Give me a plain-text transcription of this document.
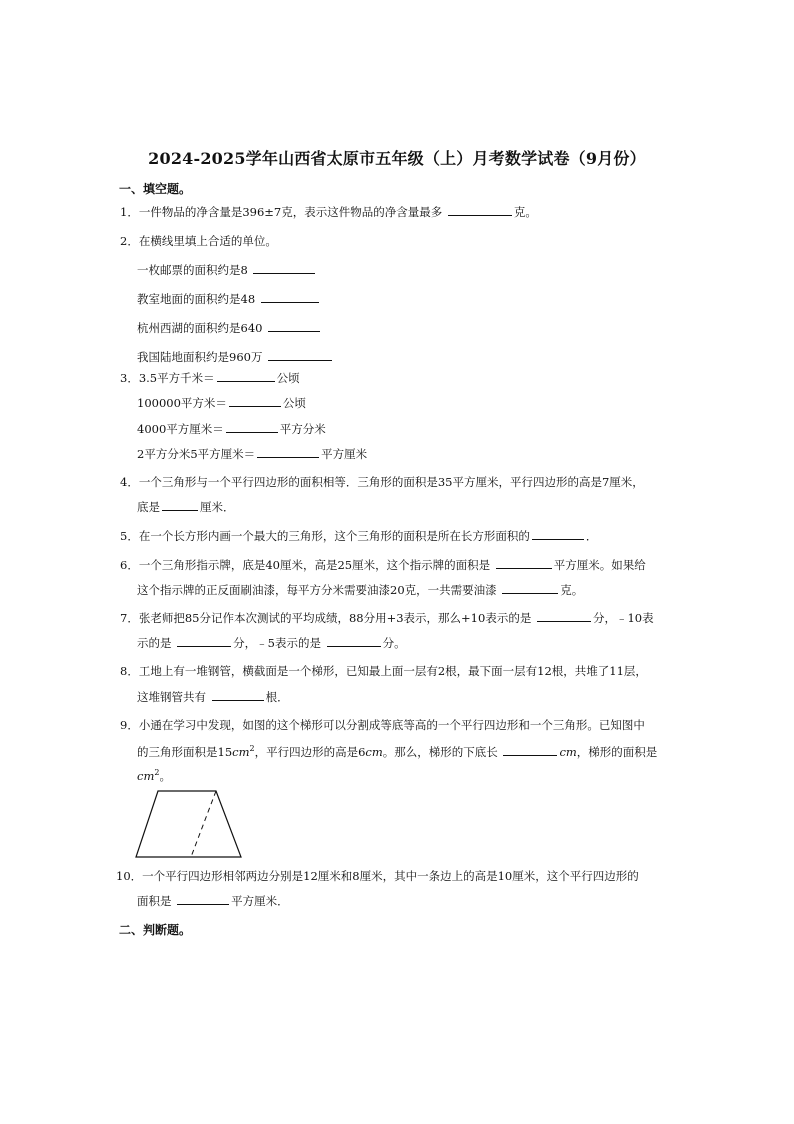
2024-2025学年山西省太原市五年级（上）月考数学试卷（9月份）
一、填空题。
1．一件物品的净含量是396±7克，表示这件物品的净含量最多	克。
2．在横线里填上合适的单位。
一枚邮票的面积约是8
教室地面的面积约是48
杭州西湖的面积约是640
我国陆地面积约是960万
3．3.5平方千米＝	公顷
100000平方米＝	公顷
4000平方厘米＝	平方分米
2平方分米5平方厘米＝	平方厘米
4．一个三角形与一个平行四边形的面积相等．三角形的面积是35平方厘米，平行四边形的高是7厘米，
底是	厘米．
5．在一个长方形内画一个最大的三角形，这个三角形的面积是所在长方形面积的	．
6．一个三角形指示牌，底是40厘米，高是25厘米，这个指示牌的面积是	平方厘米。如果给
这个指示牌的正反面刷油漆，每平方分米需要油漆20克，一共需要油漆	克。
7．张老师把85分记作本次测试的平均成绩，88分用+3表示，那么+10表示的是	分，﹣10表
示的是	分，﹣5表示的是	分。
8．工地上有一堆钢管，横截面是一个梯形，已知最上面一层有2根，最下面一层有12根，共堆了11层，
这堆钢管共有	根．
9．小通在学习中发现，如图的这个梯形可以分割成等底等高的一个平行四边形和一个三角形。已知图中
的三角形面积是$15cm^2$，平行四边形的高是6cm。那么，梯形的下底长	cm，梯形的面积是
$cm^2$。
10．一个平行四边形相邻两边分别是12厘米和8厘米，其中一条边上的高是10厘米，这个平行四边形的
面积是	平方厘米．
二、判断题。
